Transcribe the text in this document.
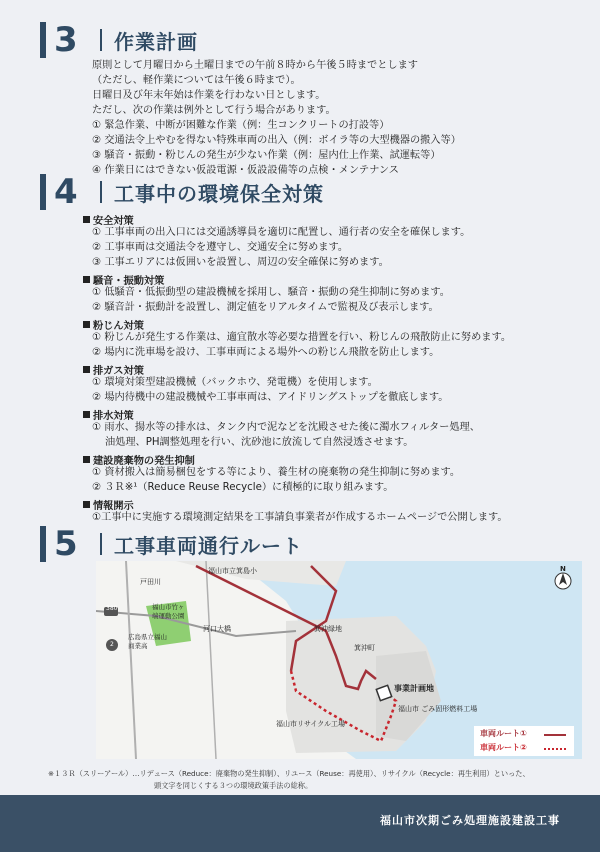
3	作業計画
原則として月曜日から土曜日までの午前８時から午後５時までとします
（ただし、軽作業については午後６時まで）。
日曜日及び年末年始は作業を行わない日とします。
ただし、次の作業は例外として行う場合があります。
① 緊急作業、中断が困難な作業（例：生コンクリートの打設等）
② 交通法令上やむを得ない特殊車両の出入（例：ボイラ等の大型機器の搬入等）
③ 騒音・振動・粉じんの発生が少ない作業（例：屋内仕上作業、試運転等）
④ 作業日にはできない仮設電源・仮設設備等の点検・メンテナンス
4	工事中の環境保全対策
安全対策
① 工事車両の出入口には交通誘導員を適切に配置し、通行者の安全を確保します。
② 工事車両は交通法令を遵守し、交通安全に努めます。
③ 工事エリアには仮囲いを設置し、周辺の安全確保に努めます。
騒音・振動対策
① 低騒音・低振動型の建設機械を採用し、騒音・振動の発生抑制に努めます。
② 騒音計・振動計を設置し、測定値をリアルタイムで監視及び表示します。
粉じん対策
① 粉じんが発生する作業は、適宜散水等必要な措置を行い、粉じんの飛散防止に努めます。
② 場内に洗車場を設け、工事車両による場外への粉じん飛散を防止します。
排ガス対策
① 環境対策型建設機械（バックホウ、発電機）を使用します。
② 場内待機中の建設機械や工事車両は、アイドリングストップを徹底します。
排水対策
① 雨水、揚水等の排水は、タンク内で泥などを沈殿させた後に濁水フィルター処理、
油処理、PH調整処理を行い、沈砂池に放流して自然浸透させます。
建設廃棄物の発生抑制
① 資材搬入は簡易梱包をする等により、養生材の廃棄物の発生抑制に努めます。
② ３Ｒ※¹（Reduce Reuse Recycle）に積極的に取り組みます。
情報開示
①工事中に実施する環境測定結果を工事請負事業者が作成するホームページで公開します。
5	工事車両通行ルート
福山市立箕島小
戸田川
福山市竹ヶ端運動公園
河口大橋
広島県立福山商業高
箕沖緑地
箕沖町
事業計画地
福山市 ごみ固形燃料工場
福山市リサイクル工場
380
2
N
車両ルート①
車両ルート②
※１３Ｒ（スリーアール）…リデュース（Reduce：廃棄物の発生抑制）、リユース（Reuse：再使用）、リサイクル（Recycle：再生利用）といった、
頭文字を同じくする３つの環境政策手法の総称。
福山市次期ごみ処理施設建設工事
